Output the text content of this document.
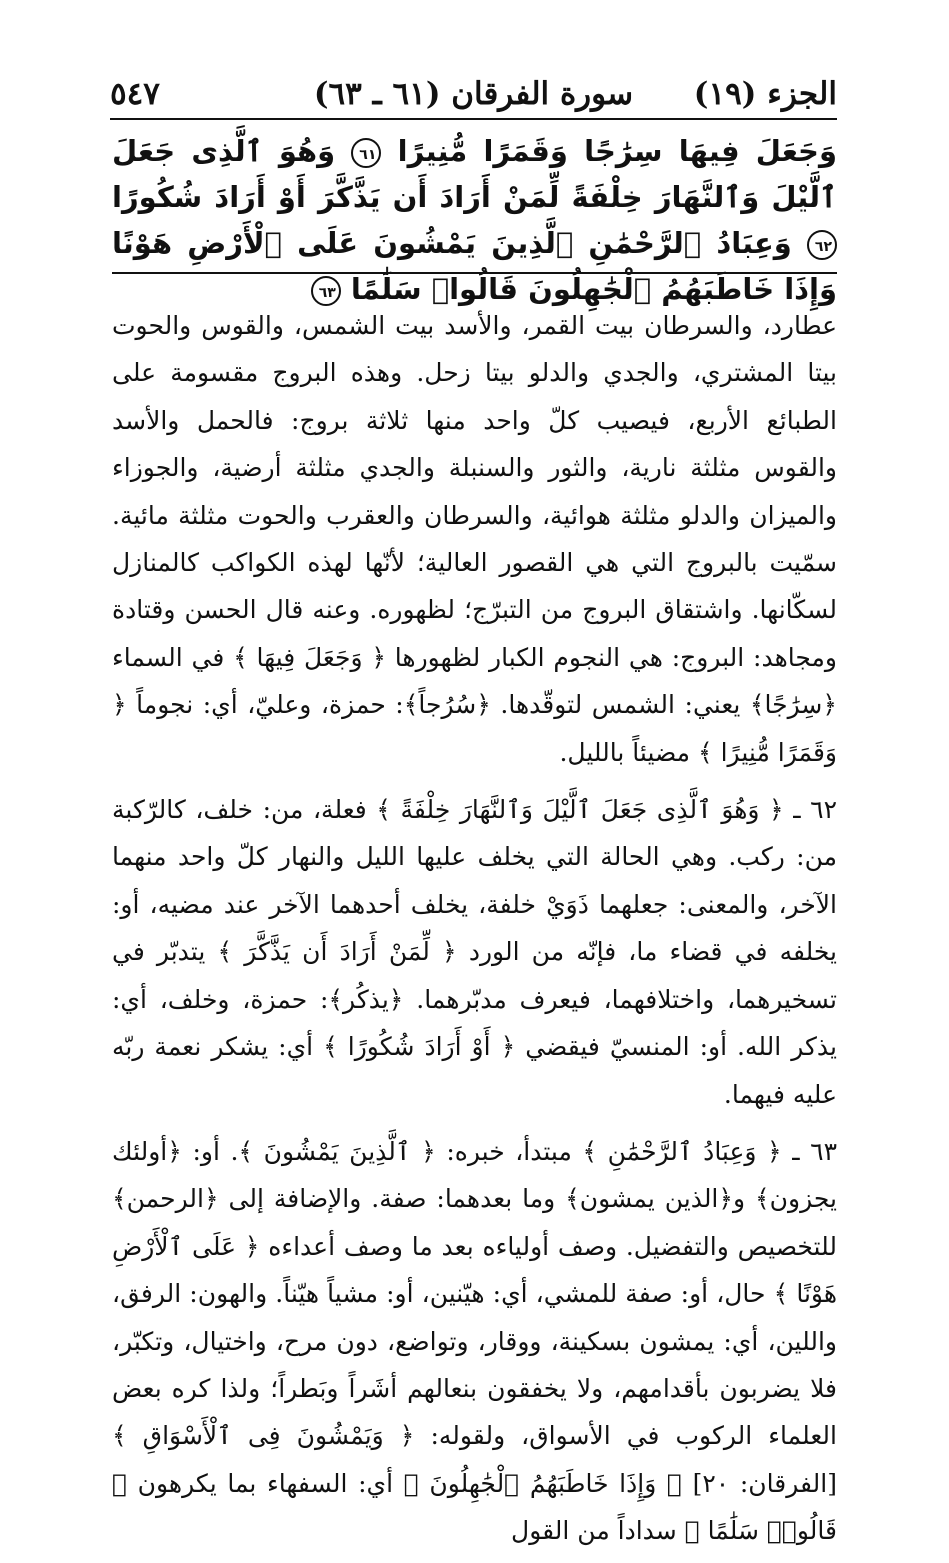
الجزء (١٩)
سورة الفرقان (٦١ ـ ٦٣)
٥٤٧
وَجَعَلَ فِيهَا سِرَٰجًا وَقَمَرًا مُّنِيرًا ٦١ وَهُوَ ٱلَّذِى جَعَلَ ٱلَّيْلَ وَٱلنَّهَارَ خِلْفَةً لِّمَنْ أَرَادَ أَن يَذَّكَّرَ أَوْ أَرَادَ شُكُورًا ٦٢ وَعِبَادُ ٱلرَّحْمَٰنِ ٱلَّذِينَ يَمْشُونَ عَلَى ٱلْأَرْضِ هَوْنًا وَإِذَا خَاطَبَهُمُ ٱلْجَٰهِلُونَ قَالُوا۟ سَلَٰمًا ٦٣

عطارد، والسرطان بيت القمر، والأسد بيت الشمس، والقوس والحوت بيتا المشتري، والجدي والدلو بيتا زحل. وهذه البروج مقسومة على الطبائع الأربع، فيصيب كلّ واحد منها ثلاثة بروج: فالحمل والأسد والقوس مثلثة نارية، والثور والسنبلة والجدي مثلثة أرضية، والجوزاء والميزان والدلو مثلثة هوائية، والسرطان والعقرب والحوت مثلثة مائية. سمّيت بالبروج التي هي القصور العالية؛ لأنّها لهذه الكواكب كالمنازل لسكّانها. واشتقاق البروج من التبرّج؛ لظهوره. وعنه قال الحسن وقتادة ومجاهد: البروج: هي النجوم الكبار لظهورها ﴿ وَجَعَلَ فِيهَا ﴾ في السماء ﴿سِرَٰجًا﴾ يعني: الشمس لتوقّدها. ﴿سُرُجاً﴾: حمزة، وعليّ، أي: نجوماً ﴿ وَقَمَرًا مُّنِيرًا ﴾ مضيئاً بالليل.

٦٢ ـ ﴿ وَهُوَ ٱلَّذِى جَعَلَ ٱلَّيْلَ وَٱلنَّهَارَ خِلْفَةً ﴾ فعلة، من: خلف، كالرّكبة من: ركب. وهي الحالة التي يخلف عليها الليل والنهار كلّ واحد منهما الآخر، والمعنى: جعلهما ذَوَيْ خلفة، يخلف أحدهما الآخر عند مضيه، أو: يخلفه في قضاء ما، فإنّه من الورد ﴿ لِّمَنْ أَرَادَ أَن يَذَّكَّرَ ﴾ يتدبّر في تسخيرهما، واختلافهما، فيعرف مدبّرهما. ﴿يذكُر﴾: حمزة، وخلف، أي: يذكر الله. أو: المنسيّ فيقضي ﴿ أَوْ أَرَادَ شُكُورًا ﴾ أي: يشكر نعمة ربّه عليه فيهما.

٦٣ ـ ﴿ وَعِبَادُ ٱلرَّحْمَٰنِ ﴾ مبتدأ، خبره: ﴿ ٱلَّذِينَ يَمْشُونَ ﴾. أو: ﴿أولئك يجزون﴾ و﴿الذين يمشون﴾ وما بعدهما: صفة. والإضافة إلى ﴿الرحمن﴾ للتخصيص والتفضيل. وصف أولياءه بعد ما وصف أعداءه ﴿ عَلَى ٱلْأَرْضِ هَوْنًا ﴾ حال، أو: صفة للمشي، أي: هيّنين، أو: مشياً هيّناً. والهون: الرفق، واللين، أي: يمشون بسكينة، ووقار، وتواضع، دون مرح، واختيال، وتكبّر، فلا يضربون بأقدامهم، ولا يخفقون بنعالهم أشَراً وبَطراً؛ ولذا كره بعض العلماء الركوب في الأسواق، ولقوله: ﴿ وَيَمْشُونَ فِى ٱلْأَسْوَاقِ ﴾ [الفرقان: ٢٠] ﴿ وَإِذَا خَاطَبَهُمُ ٱلْجَٰهِلُونَ ﴾ أي: السفهاء بما يكرهون ﴿ قَالُوا۟ سَلَٰمًا ﴾ سداداً من القول
